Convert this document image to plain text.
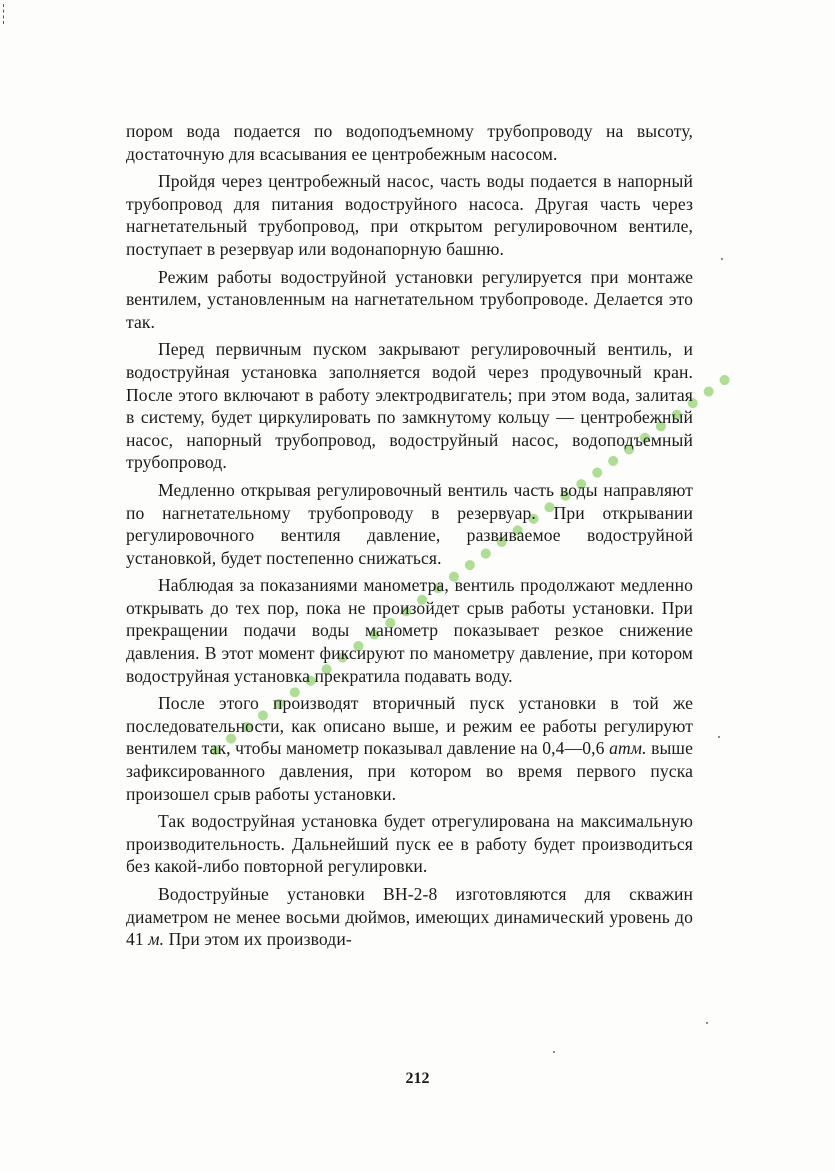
пором вода подается по водоподъемному трубопроводу на высоту, достаточную для всасывания ее центробежным насосом.

Пройдя через центробежный насос, часть воды подается в напорный трубопровод для питания водоструйного насоса. Другая часть через нагнетательный трубопровод, при открытом регулировочном вентиле, поступает в резервуар или водонапорную башню.

Режим работы водоструйной установки регулируется при монтаже вентилем, установленным на нагнетательном трубопроводе. Делается это так.

Перед первичным пуском закрывают регулировочный вентиль, и водоструйная установка заполняется водой через продувочный кран. После этого включают в работу электродвигатель; при этом вода, залитая в систему, будет циркулировать по замкнутому кольцу — центробежный насос, напорный трубопровод, водоструйный насос, водоподъемный трубопровод.

Медленно открывая регулировочный вентиль часть воды направляют по нагнетательному трубопроводу в резервуар. При открывании регулировочного вентиля давление, развиваемое водоструйной установкой, будет постепенно снижаться.

Наблюдая за показаниями манометра, вентиль продолжают медленно открывать до тех пор, пока не произойдет срыв работы установки. При прекращении подачи воды манометр показывает резкое снижение давления. В этот момент фиксируют по манометру давление, при котором водоструйная установка прекратила подавать воду.

После этого производят вторичный пуск установки в той же последовательности, как описано выше, и режим ее работы регулируют вентилем так, чтобы манометр показывал давление на 0,4—0,6 атм. выше зафиксированного давления, при котором во время первого пуска произошел срыв работы установки.

Так водоструйная установка будет отрегулирована на максимальную производительность. Дальнейший пуск ее в работу будет производиться без какой-либо повторной регулировки.

Водоструйные установки ВН-2-8 изготовляются для скважин диаметром не менее восьми дюймов, имеющих динамический уровень до 41 м. При этом их производи-

212
